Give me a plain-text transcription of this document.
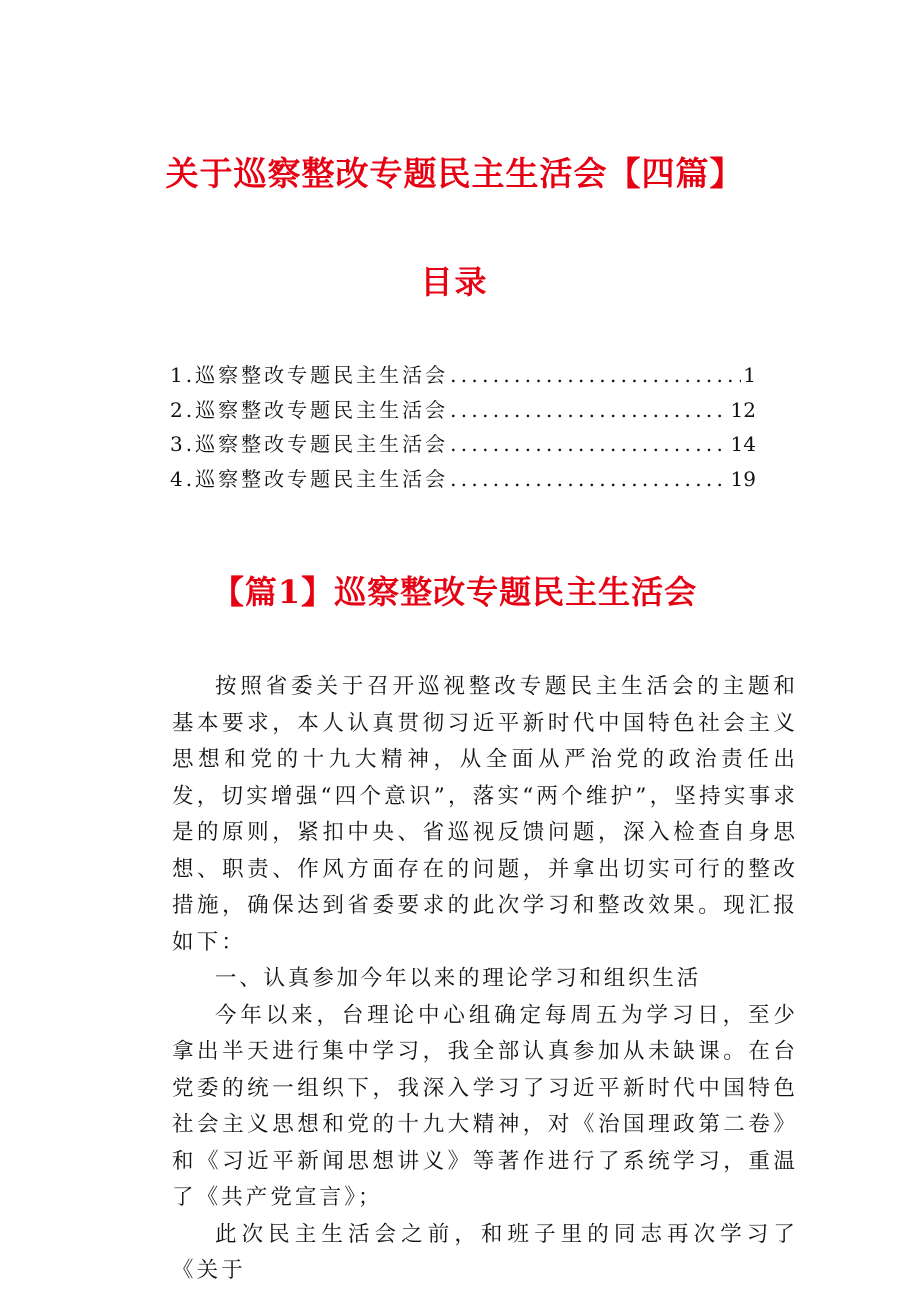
关于巡察整改专题民主生活会【四篇】
目录
1.巡察整改专题民主生活会 .....	1
2.巡察整改专题民主生活会 .....	12
3.巡察整改专题民主生活会 .....	14
4.巡察整改专题民主生活会 .....	19
【篇1】巡察整改专题民主生活会

按照省委关于召开巡视整改专题民主生活会的主题和基本要求，本人认真贯彻习近平新时代中国特色社会主义思想和党的十九大精神，从全面从严治党的政治责任出发，切实增强“四个意识”，落实“两个维护”，坚持实事求是的原则，紧扣中央、省巡视反馈问题，深入检查自身思想、职责、作风方面存在的问题，并拿出切实可行的整改措施，确保达到省委要求的此次学习和整改效果。现汇报如下：

一、认真参加今年以来的理论学习和组织生活

今年以来，台理论中心组确定每周五为学习日，至少拿出半天进行集中学习，我全部认真参加从未缺课。在台党委的统一组织下，我深入学习了习近平新时代中国特色社会主义思想和党的十九大精神，对《治国理政第二卷》和《习近平新闻思想讲义》等著作进行了系统学习，重温了《共产党宣言》；

此次民主生活会之前，和班子里的同志再次学习了《关于
